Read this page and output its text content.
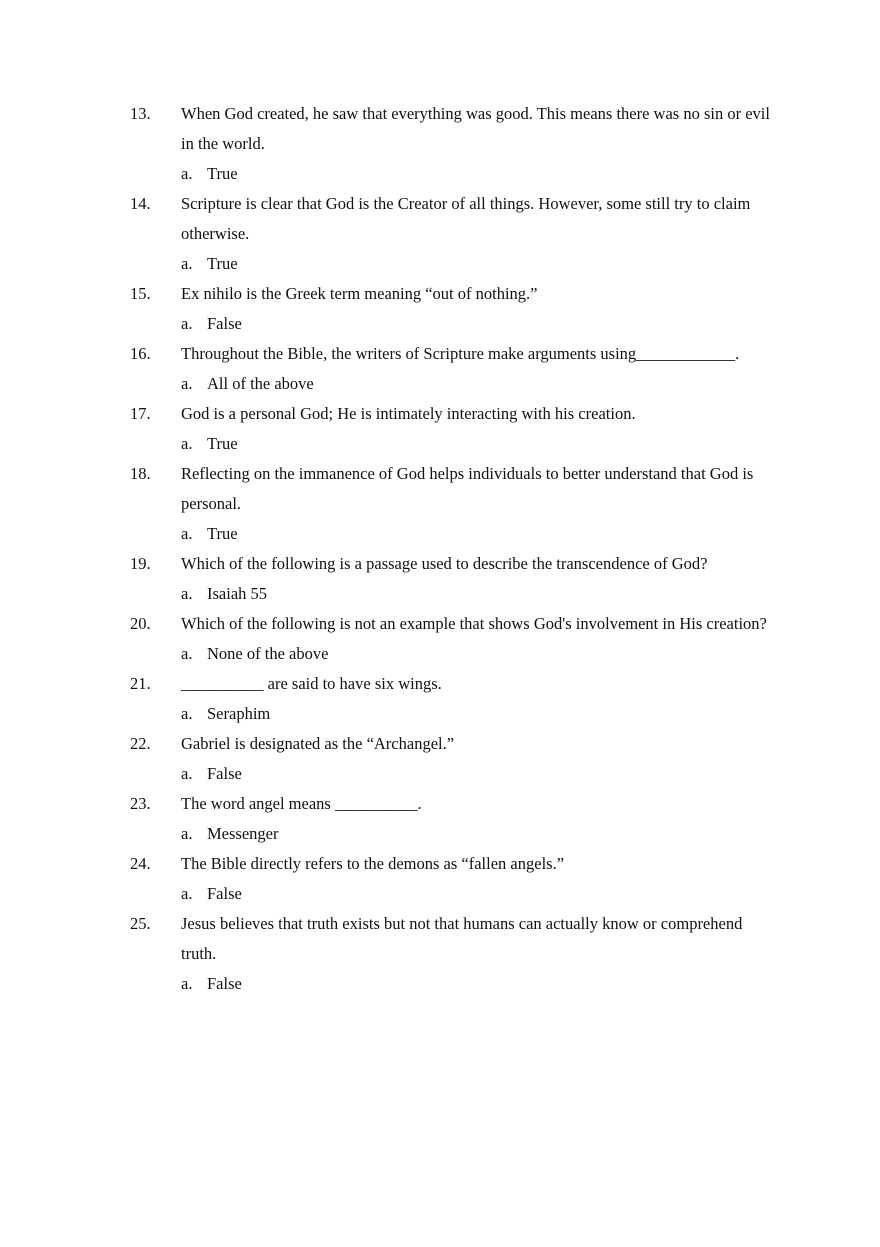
13. When God created, he saw that everything was good. This means there was no sin or evil in the world.
a. True
14. Scripture is clear that God is the Creator of all things. However, some still try to claim otherwise.
a. True
15. Ex nihilo is the Greek term meaning “out of nothing.”
a. False
16. Throughout the Bible, the writers of Scripture make arguments using____________.
a. All of the above
17. God is a personal God; He is intimately interacting with his creation.
a. True
18. Reflecting on the immanence of God helps individuals to better understand that God is personal.
a. True
19. Which of the following is a passage used to describe the transcendence of God?
a. Isaiah 55
20. Which of the following is not an example that shows God's involvement in His creation?
a. None of the above
21. __________ are said to have six wings.
a. Seraphim
22. Gabriel is designated as the “Archangel.”
a. False
23. The word angel means __________.
a. Messenger
24. The Bible directly refers to the demons as “fallen angels.”
a. False
25. Jesus believes that truth exists but not that humans can actually know or comprehend truth.
a. False
